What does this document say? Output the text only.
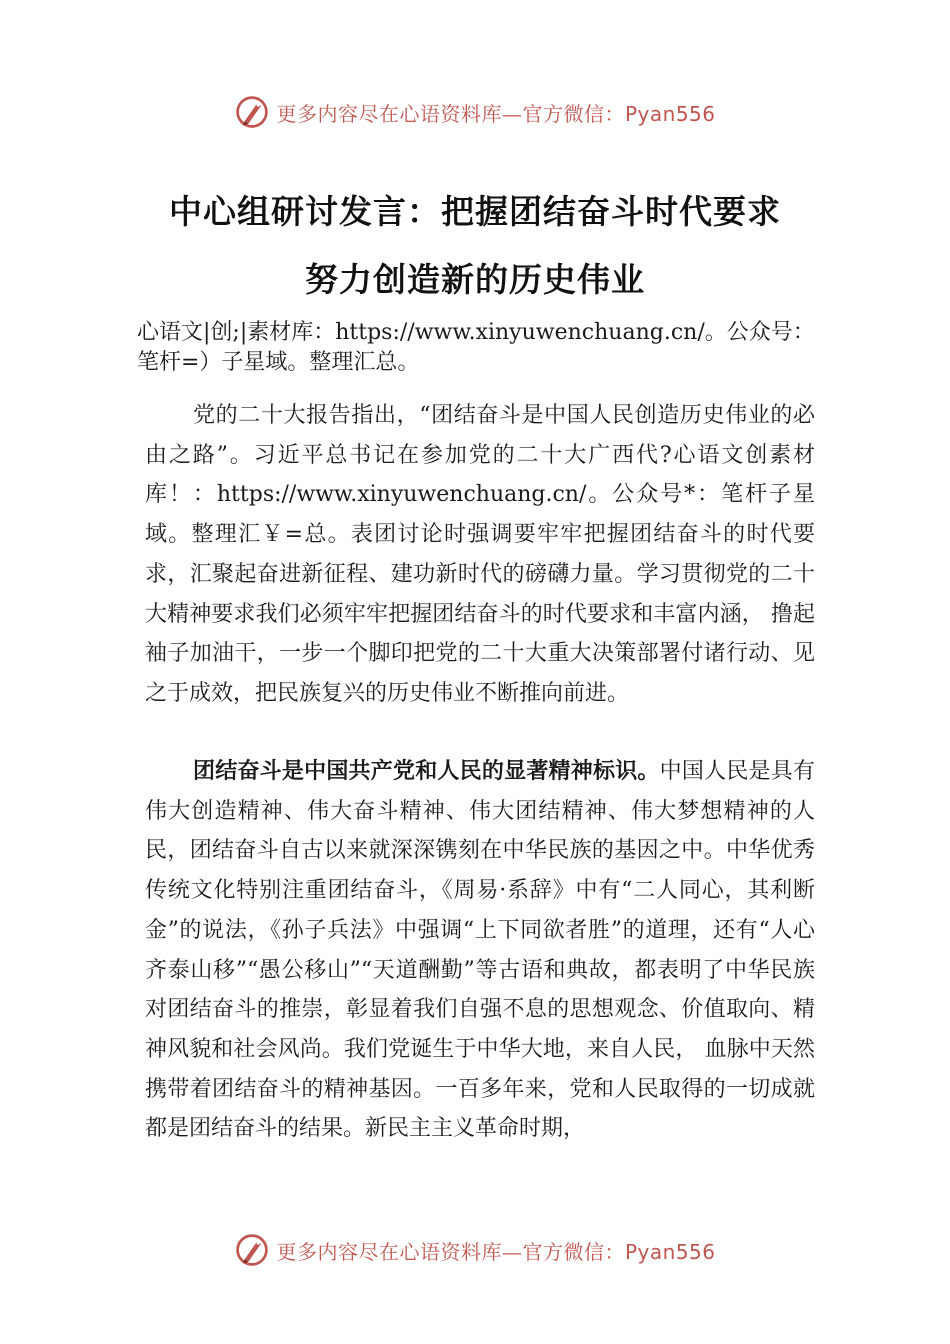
更多内容尽在心语资料库—官方微信：Pyan556
中心组研讨发言：把握团结奋斗时代要求
努力创造新的历史伟业
心语文|创;|素材库：https://www.xinyuwenchuang.cn/。公众号：笔杆=）子星域。整理汇总。

党的二十大报告指出，“团结奋斗是中国人民创造历史伟业的必由之路”。习近平总书记在参加党的二十大广西代?心语文创素材库！：https://www.xinyuwenchuang.cn/。公众号*：笔杆子星域。整理汇￥=总。表团讨论时强调要牢牢把握团结奋斗的时代要求，汇聚起奋进新征程、建功新时代的磅礴力量。学习贯彻党的二十大精神要求我们必须牢牢把握团结奋斗的时代要求和丰富内涵， 撸起袖子加油干，一步一个脚印把党的二十大重大决策部署付诸行动、见之于成效，把民族复兴的历史伟业不断推向前进。

团结奋斗是中国共产党和人民的显著精神标识。中国人民是具有伟大创造精神、伟大奋斗精神、伟大团结精神、伟大梦想精神的人民，团结奋斗自古以来就深深镌刻在中华民族的基因之中。中华优秀传统文化特别注重团结奋斗，《周易·系辞》中有“二人同心，其利断金”的说法，《孙子兵法》中强调“上下同欲者胜”的道理，还有“人心齐泰山移”“愚公移山”“天道酬勤”等古语和典故，都表明了中华民族对团结奋斗的推崇，彰显着我们自强不息的思想观念、价值取向、精神风貌和社会风尚。我们党诞生于中华大地，来自人民， 血脉中天然携带着团结奋斗的精神基因。一百多年来，党和人民取得的一切成就都是团结奋斗的结果。新民主主义革命时期，

更多内容尽在心语资料库—官方微信：Pyan556
